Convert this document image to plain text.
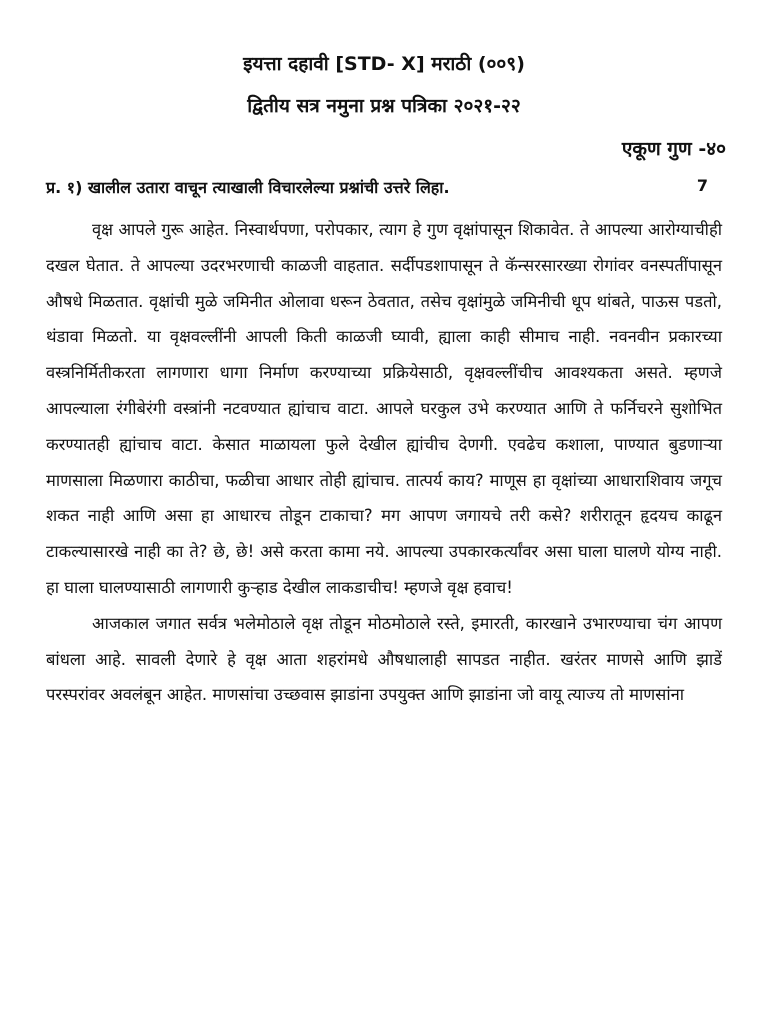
इयत्ता दहावी [STD- X] मराठी (००९)
द्वितीय सत्र नमुना प्रश्न पत्रिका २०२१-२२
एकूण गुण -४०
प्र. १) खालील उतारा वाचून त्याखाली विचारलेल्या प्रश्नांची उत्तरे लिहा.	7

वृक्ष आपले गुरू आहेत. निस्वार्थपणा, परोपकार, त्याग हे गुण वृक्षांपासून शिकावेत. ते आपल्या आरोग्याचीही दखल घेतात. ते आपल्या उदरभरणाची काळजी वाहतात. सर्दीपडशापासून ते कॅन्सरसारख्या रोगांवर वनस्पतींपासून औषधे मिळतात. वृक्षांची मुळे जमिनीत ओलावा धरून ठेवतात, तसेच वृक्षांमुळे जमिनीची धूप थांबते, पाऊस पडतो, थंडावा मिळतो. या वृक्षवल्लींनी आपली किती काळजी घ्यावी, ह्याला काही सीमाच नाही. नवनवीन प्रकारच्या वस्त्रनिर्मितीकरता लागणारा धागा निर्माण करण्याच्या प्रक्रियेसाठी, वृक्षवल्लींचीच आवश्यकता असते. म्हणजे आपल्याला रंगीबेरंगी वस्त्रांनी नटवण्यात ह्यांचाच वाटा. आपले घरकुल उभे करण्यात आणि ते फर्निचरने सुशोभित करण्यातही ह्यांचाच वाटा. केसात माळायला फुले देखील ह्यांचीच देणगी. एवढेच कशाला, पाण्यात बुडणाऱ्या माणसाला मिळणारा काठीचा, फळीचा आधार तोही ह्यांचाच. तात्पर्य काय? माणूस हा वृक्षांच्या आधाराशिवाय जगूच शकत नाही आणि असा हा आधारच तोडून टाकाचा? मग आपण जगायचे तरी कसे? शरीरातून हृदयच काढून टाकल्यासारखे नाही का ते? छे, छे! असे करता कामा नये. आपल्या उपकारकर्त्यांवर असा घाला घालणे योग्य नाही. हा घाला घालण्यासाठी लागणारी कुऱ्हाड देखील लाकडाचीच! म्हणजे वृक्ष हवाच!

आजकाल जगात सर्वत्र भलेमोठाले वृक्ष तोडून मोठमोठाले रस्ते, इमारती, कारखाने उभारण्याचा चंग आपण बांधला आहे. सावली देणारे हे वृक्ष आता शहरांमधे औषधालाही सापडत नाहीत. खरंतर माणसे आणि झाडें परस्परांवर अवलंबून आहेत. माणसांचा उच्छवास झाडांना उपयुक्त आणि झाडांना जो वायू त्याज्य तो माणसांना
